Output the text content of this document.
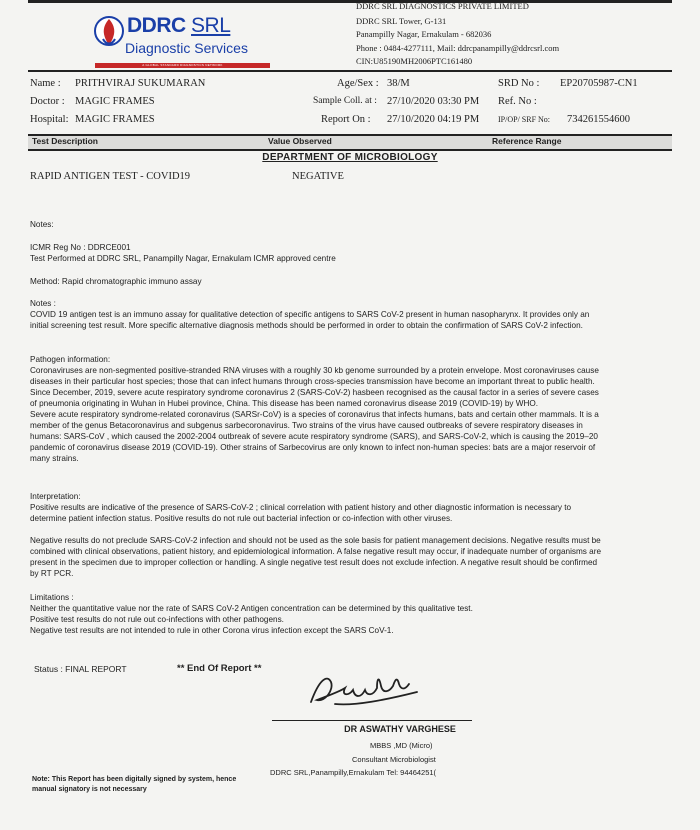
DDRC SRL
Diagnostic Services
A GLOBAL STANDARD DIAGNOSTICS NETWORK
DDRC SRL DIAGNOSTICS PRIVATE LIMITED
DDRC SRL Tower, G-131
Panampilly Nagar, Ernakulam - 682036
Phone : 0484-4277111, Mail: ddrcpanampilly@ddrcsrl.com
CIN:U85190MH2006PTC161480
Name : PRITHVIRAJ SUKUMARAN	Age/Sex : 38/M	SRD No : EP20705987-CN1
Doctor : MAGIC FRAMES	Sample Coll. at : 27/10/2020 03:30 PM Ref. No :
Hospital: MAGIC FRAMES	Report On : 27/10/2020 04:19 PM IP/OP/ SRF No: 734261554600
Test Description	Value Observed	Reference Range
DEPARTMENT OF MICROBIOLOGY
RAPID ANTIGEN TEST - COVID19	NEGATIVE
Notes:
ICMR Reg No : DDRCE001
Test Performed at DDRC SRL, Panampilly Nagar, Ernakulam ICMR approved centre
Method: Rapid chromatographic immuno assay

Notes :

COVID 19 antigen test is an immuno assay for qualitative detection of specific antigens to SARS CoV-2 present in human nasopharynx. It provides only an initial screening test result. More specific alternative diagnosis methods should be performed in order to obtain the confirmation of SARS CoV-2 infection.

Pathogen information:

Coronaviruses are non-segmented positive-stranded RNA viruses with a roughly 30 kb genome surrounded by a protein envelope. Most coronaviruses cause diseases in their particular host species; those that can infect humans through cross-species transmission have become an important threat to public health. Since December, 2019, severe acute respiratory syndrome coronavirus 2 (SARS-CoV-2) hasbeen recognised as the causal factor in a series of severe cases of pneumonia originating in Wuhan in Hubei province, China. This disease has been named coronavirus disease 2019 (COVID-19) by WHO.

Severe acute respiratory syndrome-related coronavirus (SARSr-CoV) is a species of coronavirus that infects humans, bats and certain other mammals. It is a member of the genus Betacoronavirus and subgenus sarbecoronavirus. Two strains of the virus have caused outbreaks of severe respiratory diseases in humans: SARS-CoV , which caused the 2002-2004 outbreak of severe acute respiratory syndrome (SARS), and SARS-CoV-2, which is causing the 2019–20 pandemic of coronavirus disease 2019 (COVID-19). Other strains of Sarbecovirus are only known to infect non-human species: bats are a major reservoir of many strains.

Interpretation:

Positive results are indicative of the presence of SARS-CoV-2 ; clinical correlation with patient history and other diagnostic information is necessary to determine patient infection status. Positive results do not rule out bacterial infection or co-infection with other viruses.

Negative results do not preclude SARS-CoV-2 infection and should not be used as the sole basis for patient management decisions. Negative results must be combined with clinical observations, patient history, and epidemiological information. A false negative result may occur, if inadequate number of organisms are present in the specimen due to improper collection or handling. A single negative test result does not exclude infection. A negative result should be confirmed by RT PCR.

Limitations :

Neither the quantitative value nor the rate of SARS CoV-2 Antigen concentration can be determined by this qualitative test.

Positive test results do not rule out co-infections with other pathogens.

Negative test results are not intended to rule in other Corona virus infection except the SARS CoV-1.

Status : FINAL REPORT	** End Of Report **
DR ASWATHY VARGHESE
MBBS ,MD (Micro)
Consultant Microbiologist
DDRC SRL,Panampilly,Ernakulam Tel: 94464251(
Note: This Report has been digitally signed by system, hence
manual signatory is not necessary
